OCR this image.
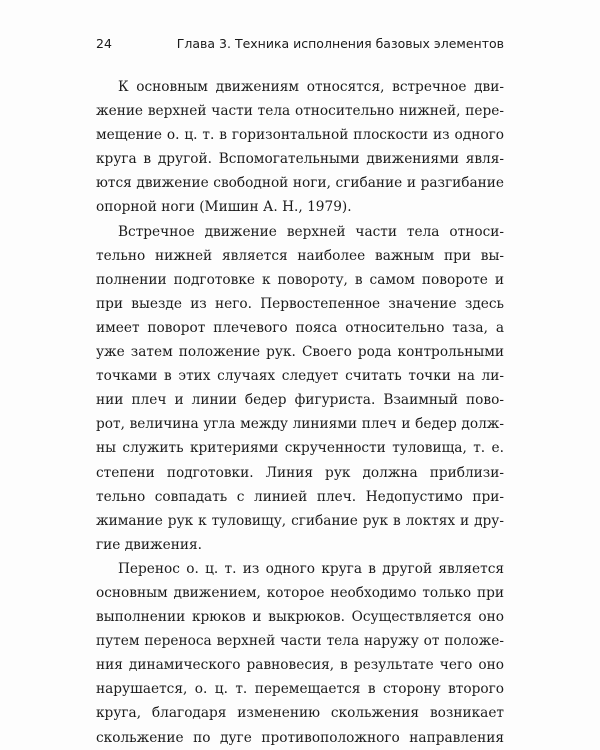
24	Глава 3. Техника исполнения базовых элементов

К основным движениям относятся, встречное дви-
жение верхней части тела относительно нижней, пере-
мещение о. ц. т. в горизонтальной плоскости из одного
круга в другой. Вспомогательными движениями явля-
ются движение свободной ноги, сгибание и разгибание
опорной ноги (Мишин А. Н., 1979).

Встречное движение верхней части тела относи-
тельно нижней является наиболее важным при вы-
полнении подготовке к повороту, в самом повороте и
при выезде из него. Первостепенное значение здесь
имеет поворот плечевого пояса относительно таза, а
уже затем положение рук. Своего рода контрольными
точками в этих случаях следует считать точки на ли-
нии плеч и линии бедер фигуриста. Взаимный пово-
рот, величина угла между линиями плеч и бедер долж-
ны служить критериями скрученности туловища, т. е.
степени подготовки. Линия рук должна приблизи-
тельно совпадать с линией плеч. Недопустимо при-
жимание рук к туловищу, сгибание рук в локтях и дру-
гие движения.

Перенос о. ц. т. из одного круга в другой является
основным движением, которое необходимо только при
выполнении крюков и выкрюков. Осуществляется оно
путем переноса верхней части тела наружу от положе-
ния динамического равновесия, в результате чего оно
нарушается, о. ц. т. перемещается в сторону второго
круга, благодаря изменению скольжения возникает
скольжение по дуге противоположного направления
